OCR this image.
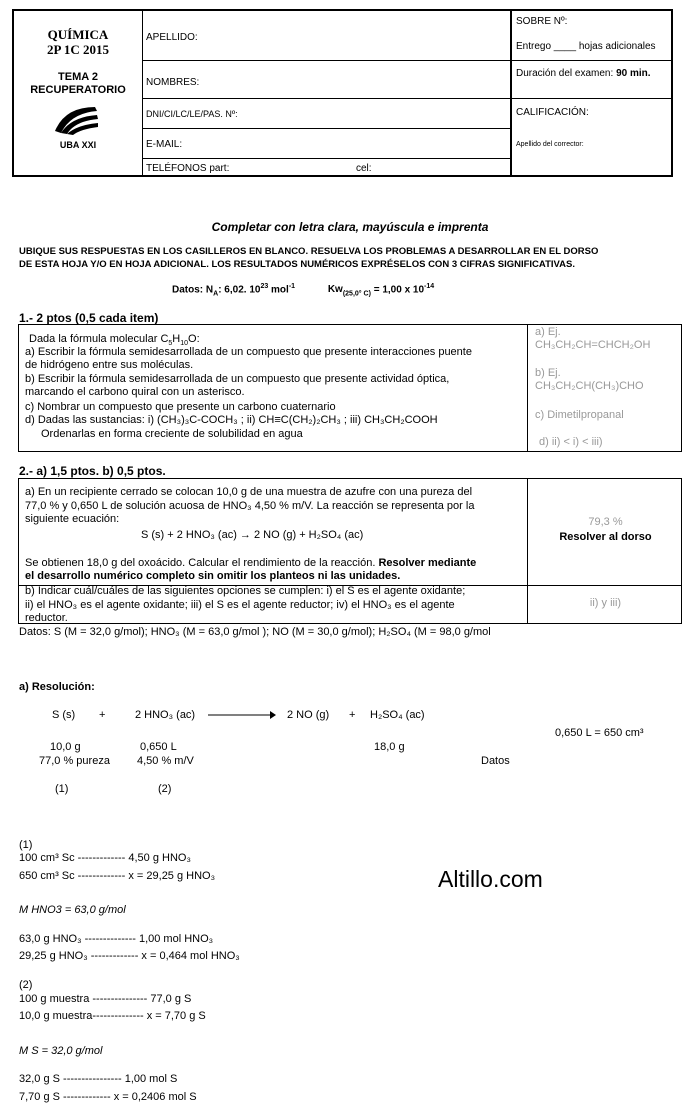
QUÍMICA
2P 1C 2015
TEMA 2
RECUPERATORIO
UBA XXI
APELLIDO:
NOMBRES:
DNI/CI/LC/LE/PAS. Nº:
E-MAIL:
TELÉFONOS part:	cel:
SOBRE Nº:
Entrego ____ hojas adicionales
Duración del examen: 90 min.
CALIFICACIÓN:
Apellido del corrector:
Completar con letra clara, mayúscula e imprenta
UBIQUE SUS RESPUESTAS EN LOS CASILLEROS EN BLANCO. RESUELVA LOS PROBLEMAS A DESARROLLAR EN EL DORSO
DE ESTA HOJA Y/O EN HOJA ADICIONAL. LOS RESULTADOS NUMÉRICOS EXPRÉSELOS CON 3 CIFRAS SIGNIFICATIVAS.
Datos: $N_A$: 6,02. $10^{23}$ mol$^{-1}$	$Kw_{(25,0^\circ C)} = 1,00$ x $10^{-14}$
1.- 2 ptos (0,5 cada item)
Dada la fórmula molecular $C_5H_{10}O$:
a) Escribir la fórmula semidesarrollada de un compuesto que presente interacciones puente
de hidrógeno entre sus moléculas.
b) Escribir la fórmula semidesarrollada de un compuesto que presente actividad óptica,
marcando el carbono quiral con un asterisco.
c) Nombrar un compuesto que presente un carbono cuaternario
d) Dadas las sustancias: i) (CH₃)₃C-COCH₃ ; ii) CH≡C(CH₂)₂CH₃ ; iii) CH₃CH₂COOH
Ordenarlas en forma creciente de solubilidad en agua
a) Ej.
CH₃CH₂CH=CHCH₂OH
b) Ej.
CH₃CH₂CH(CH₃)CHO
c) Dimetilpropanal
d) ii) < i) < iii)
2.- a) 1,5 ptos. b) 0,5 ptos.
a) En un recipiente cerrado se colocan 10,0 g de una muestra de azufre con una pureza del
77,0 % y 0,650 L de solución acuosa de HNO₃ 4,50 % m/V. La reacción se representa por la
siguiente ecuación:
S (s) + 2 HNO₃ (ac) → 2 NO (g) + H₂SO₄ (ac)
Se obtienen 18,0 g del oxoácido. Calcular el rendimiento de la reacción. Resolver mediante
el desarrollo numérico completo sin omitir los planteos ni las unidades.
79,3 %
Resolver al dorso
b) Indicar cuál/cuáles de las siguientes opciones se cumplen: i) el S es el agente oxidante;
ii) el HNO₃ es el agente oxidante; iii) el S es el agente reductor; iv) el HNO₃ es el agente
reductor.
ii) y iii)
Datos: S (M = 32,0 g/mol); HNO₃ (M = 63,0 g/mol ); NO (M = 30,0 g/mol); H₂SO₄ (M = 98,0 g/mol
a) Resolución:
S (s) +	2 HNO₃ (ac)	2 NO (g) + H₂SO₄ (ac)
0,650 L = 650 cm³
10,0 g	0,650 L	18,0 g
77,0 % pureza 4,50 % m/V	Datos
(1)	(2)
(1)
100 cm³ Sc ------------- 4,50 g HNO₃
650 cm³ Sc ------------- x = 29,25 g HNO₃
M HNO3 = 63,0 g/mol
63,0 g HNO₃ -------------- 1,00 mol HNO₃
29,25 g HNO₃ ------------- x = 0,464 mol HNO₃
(2)
100 g muestra --------------- 77,0 g S
10,0 g muestra-------------- x = 7,70 g S
M S = 32,0 g/mol
32,0 g S ---------------- 1,00 mol S
7,70 g S ------------- x = 0,2406 mol S
Altillo.com
